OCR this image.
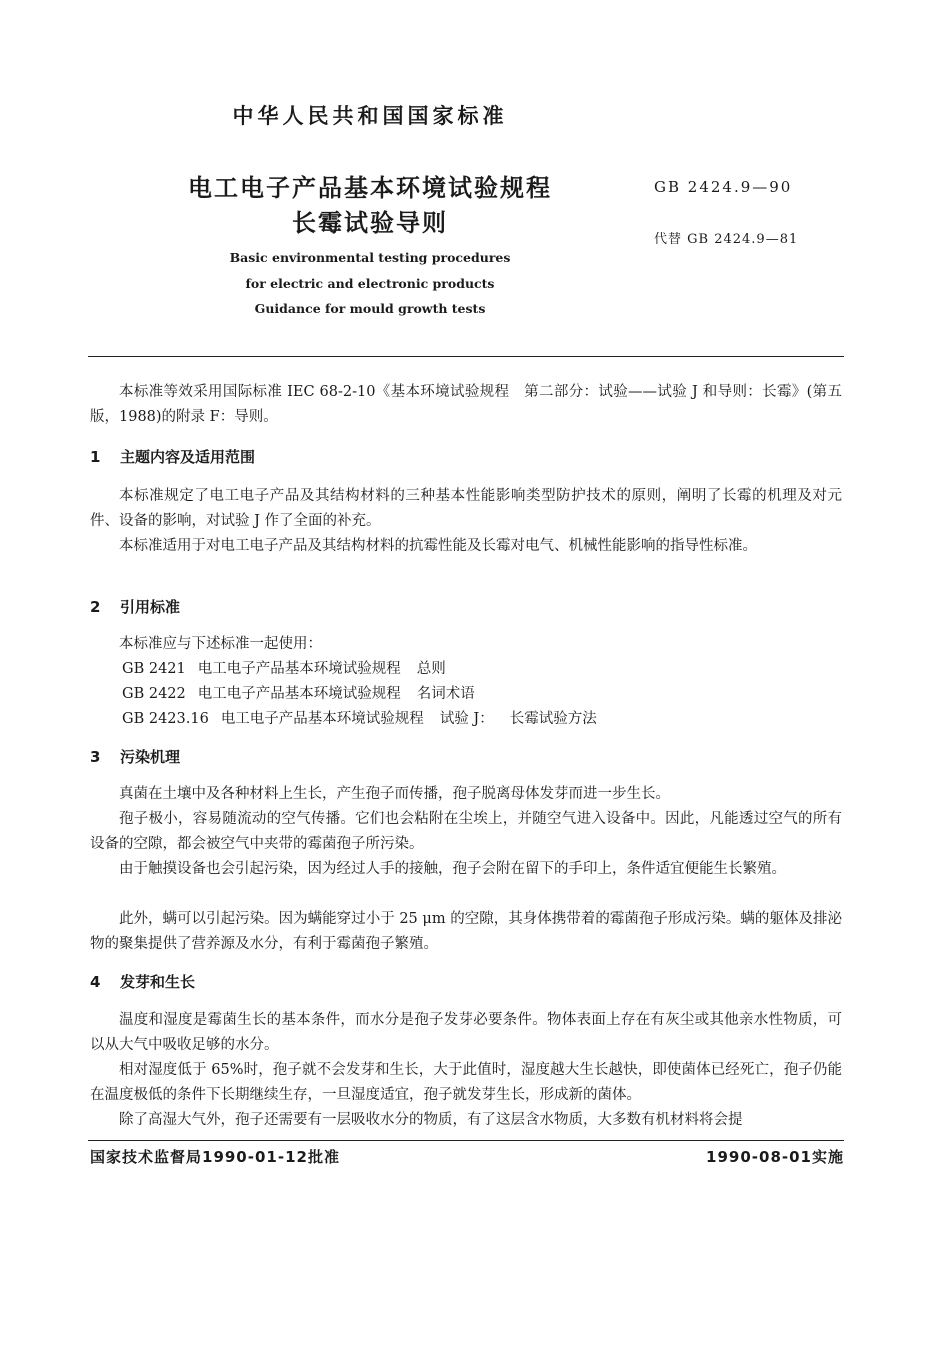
中华人民共和国国家标准
电工电子产品基本环境试验规程
长霉试验导则
GB 2424.9—90
代替 GB 2424.9—81
Basic environmental testing procedures
for electric and electronic products
Guidance for mould growth tests

本标准等效采用国际标准 IEC 68-2-10《基本环境试验规程　第二部分：试验——试验 J 和导则：长霉》(第五版，1988)的附录 F：导则。

1 主题内容及适用范围

本标准规定了电工电子产品及其结构材料的三种基本性能影响类型防护技术的原则，阐明了长霉的机理及对元件、设备的影响，对试验 J 作了全面的补充。

本标准适用于对电工电子产品及其结构材料的抗霉性能及长霉对电气、机械性能影响的指导性标准。

2 引用标准

本标准应与下述标准一起使用：

GB 2421 电工电子产品基本环境试验规程 总则
GB 2422 电工电子产品基本环境试验规程 名词术语
GB 2423.16 电工电子产品基本环境试验规程 试验 J： 长霉试验方法
3 污染机理

真菌在土壤中及各种材料上生长，产生孢子而传播，孢子脱离母体发芽而进一步生长。

孢子极小，容易随流动的空气传播。它们也会粘附在尘埃上，并随空气进入设备中。因此，凡能透过空气的所有设备的空隙，都会被空气中夹带的霉菌孢子所污染。

由于触摸设备也会引起污染，因为经过人手的接触，孢子会附在留下的手印上，条件适宜便能生长繁殖。

此外，螨可以引起污染。因为螨能穿过小于 25 μm 的空隙，其身体携带着的霉菌孢子形成污染。螨的躯体及排泌物的聚集提供了营养源及水分，有利于霉菌孢子繁殖。

4 发芽和生长

温度和湿度是霉菌生长的基本条件，而水分是孢子发芽必要条件。物体表面上存在有灰尘或其他亲水性物质，可以从大气中吸收足够的水分。

相对湿度低于 65%时，孢子就不会发芽和生长，大于此值时，湿度越大生长越快，即使菌体已经死亡，孢子仍能在温度极低的条件下长期继续生存，一旦湿度适宜，孢子就发芽生长，形成新的菌体。

除了高湿大气外，孢子还需要有一层吸收水分的物质，有了这层含水物质，大多数有机材料将会提

国家技术监督局1990-01-12批准	1990-08-01实施
